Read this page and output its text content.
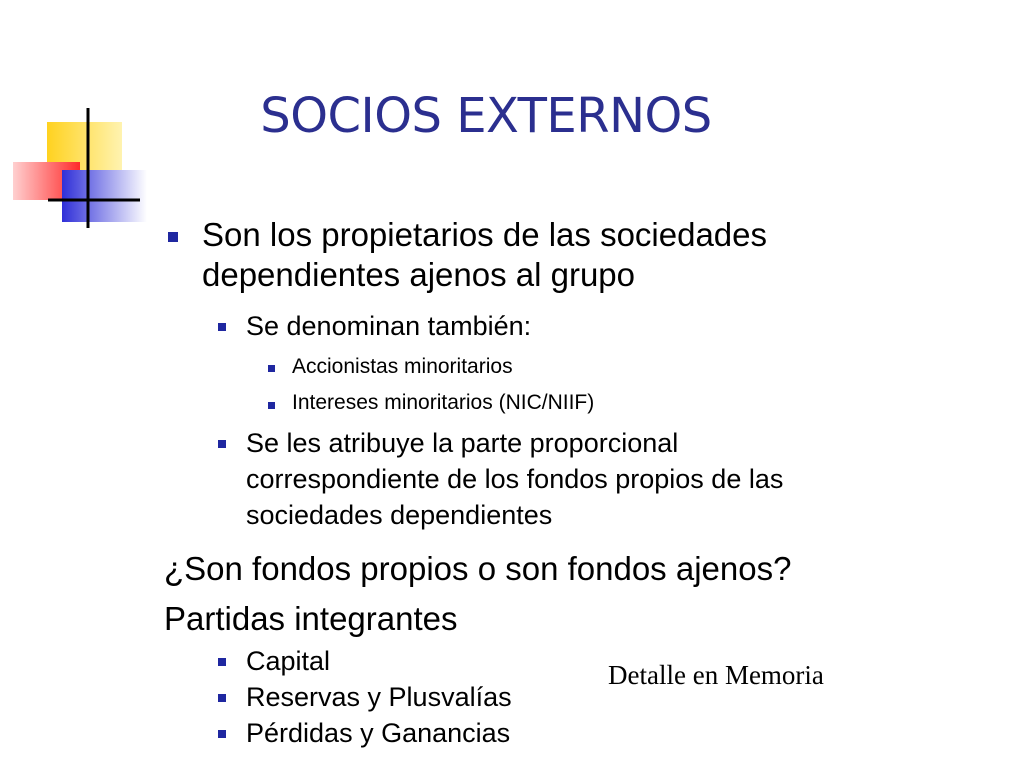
SOCIOS EXTERNOS
Son los propietarios de las sociedades
dependientes ajenos al grupo
Se denominan también:
Accionistas minoritarios
Intereses minoritarios (NIC/NIIF)
Se les atribuye la parte proporcional
correspondiente de los fondos propios de las
sociedades dependientes
¿Son fondos propios o son fondos ajenos?
Partidas integrantes
Capital
Reservas y Plusvalías
Pérdidas y Ganancias
Detalle en Memoria
